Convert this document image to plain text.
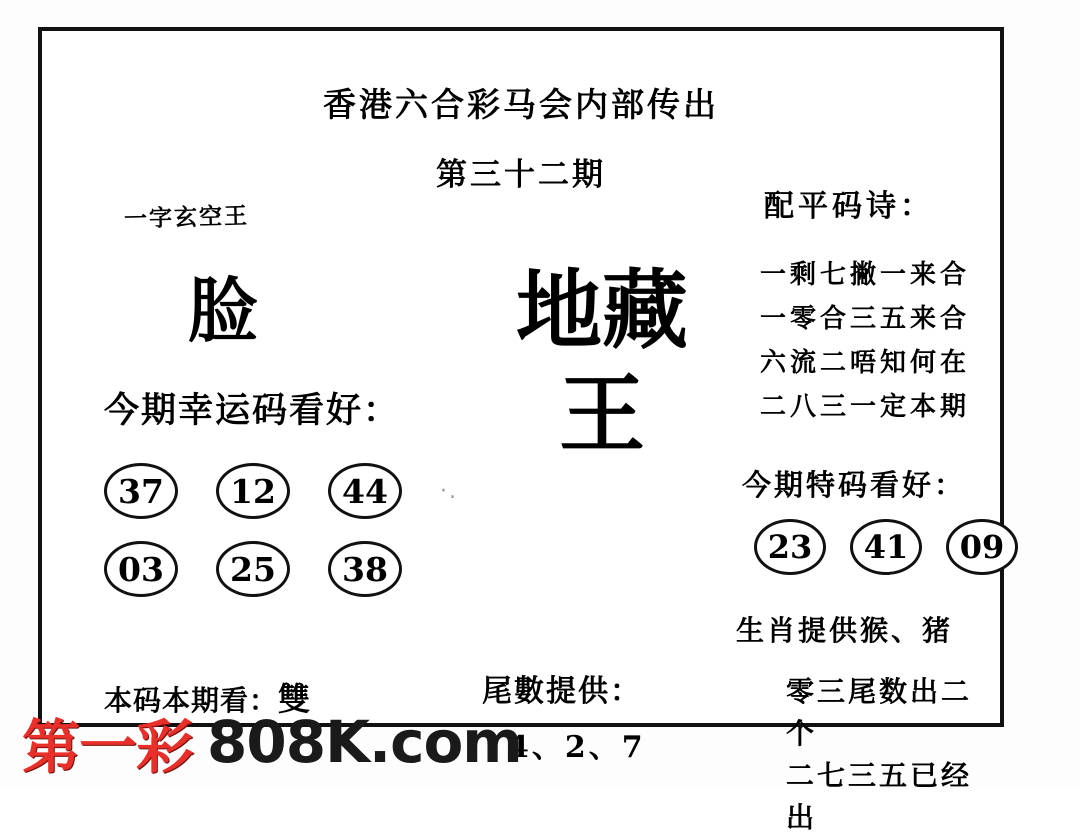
香港六合彩马会内部传出
第三十二期
一字玄空王
脸
今期幸运码看好：
·.
37	12	44
03	25	38
本码本期看：雙
地藏王
尾數提供：
4、2、7
配平码诗：
一剩七撇一来合
一零合三五来合
六流二唔知何在
二八三一定本期
今期特码看好：
23	41	09
生肖提供猴、猪
零三尾数出二个
二七三五已经出
第一彩 808K.com
